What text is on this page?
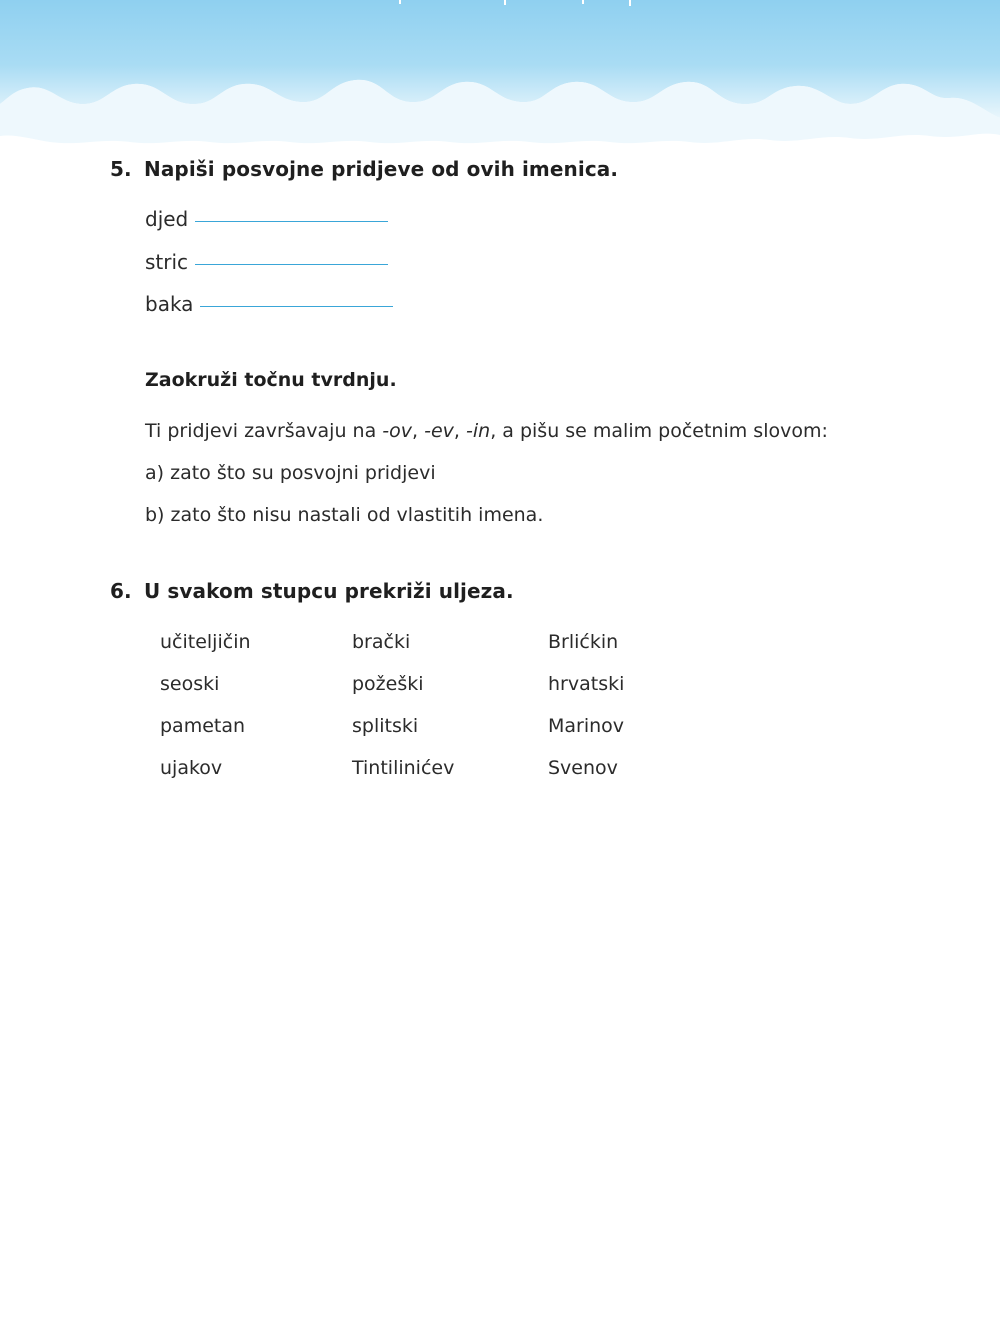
5. Napiši posvojne pridjeve od ovih imenica.
djed
stric
baka
Zaokruži točnu tvrdnju.
Ti pridjevi završavaju na -ov, -ev, -in, a pišu se malim početnim slovom:
a) zato što su posvojni pridjevi
b) zato što nisu nastali od vlastitih imena.
6. U svakom stupcu prekriži uljeza.
učiteljičin
seoski
pametan
ujakov
brački
požeški
splitski
Tintilinićev
Brlićkin
hrvatski
Marinov
Svenov
